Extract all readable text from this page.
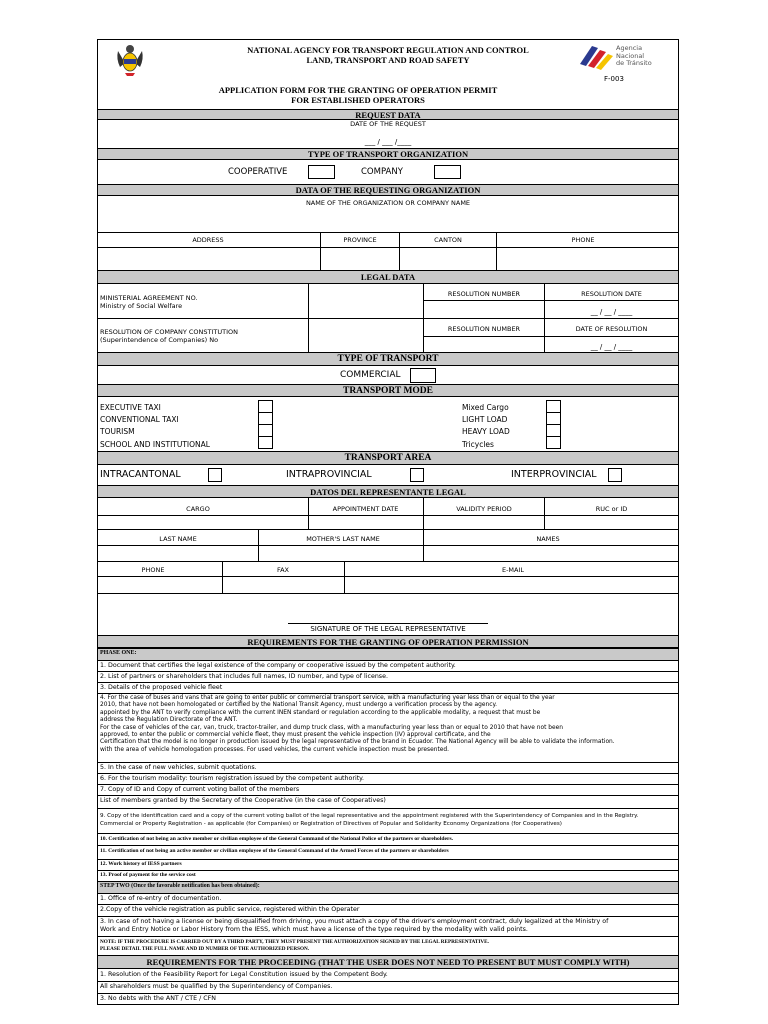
NATIONAL AGENCY FOR TRANSPORT REGULATION AND CONTROL
LAND, TRANSPORT AND ROAD SAFETY
Agencia
Nacional
de Tránsito
F-003
APPLICATION FORM FOR THE GRANTING OF OPERATION PERMIT
FOR ESTABLISHED OPERATORS
REQUEST DATA
DATE OF THE REQUEST
___ / ___ /____
TYPE OF TRANSPORT ORGANIZATION
COOPERATIVE	COMPANY
DATA OF THE REQUESTING ORGANIZATION
NAME OF THE ORGANIZATION OR COMPANY NAME
ADDRESS	PROVINCE	CANTON	PHONE
LEGAL DATA
MINISTERIAL AGREEMENT NO.
Ministry of Social Welfare
RESOLUTION NUMBER	RESOLUTION DATE
__ / __ / ____
RESOLUTION OF COMPANY CONSTITUTION
(Superintendence of Companies) No
RESOLUTION NUMBER	DATE OF RESOLUTION
__ / __ / ____
TYPE OF TRANSPORT
COMMERCIAL
TRANSPORT MODE
EXECUTIVE TAXI
CONVENTIONAL TAXI
TOURISM
SCHOOL AND INSTITUTIONAL
Mixed Cargo
LIGHT LOAD
HEAVY LOAD
Tricycles
TRANSPORT AREA
INTRACANTONAL	INTRAPROVINCIAL	INTERPROVINCIAL
DATOS DEL REPRESENTANTE LEGAL
CARGO	APPOINTMENT DATE	VALIDITY PERIOD	RUC or ID
LAST NAME	MOTHER'S LAST NAME	NAMES
PHONE	FAX	E-MAIL
SIGNATURE OF THE LEGAL REPRESENTATIVE
REQUIREMENTS FOR THE GRANTING OF OPERATION PERMISSION
PHASE ONE:
1. Document that certifies the legal existence of the company or cooperative issued by the competent authority.
2. List of partners or shareholders that includes full names, ID number, and type of license.
3. Details of the proposed vehicle fleet
4. For the case of buses and vans that are going to enter public or commercial transport service, with a manufacturing year less than or equal to the year
2010, that have not been homologated or certified by the National Transit Agency, must undergo a verification process by the agency.
appointed by the ANT to verify compliance with the current INEN standard or regulation according to the applicable modality, a request that must be
address the Regulation Directorate of the ANT.
For the case of vehicles of the car, van, truck, tractor-trailer, and dump truck class, with a manufacturing year less than or equal to 2010 that have not been
approved, to enter the public or commercial vehicle fleet, they must present the vehicle inspection (IV) approval certificate, and the
Certification that the model is no longer in production issued by the legal representative of the brand in Ecuador. The National Agency will be able to validate the information.
with the area of vehicle homologation processes. For used vehicles, the current vehicle inspection must be presented.
5. In the case of new vehicles, submit quotations.
6. For the tourism modality: tourism registration issued by the competent authority.
7. Copy of ID and Copy of current voting ballot of the members
List of members granted by the Secretary of the Cooperative (in the case of Cooperatives)
9. Copy of the identification card and a copy of the current voting ballot of the legal representative and the appointment registered with the Superintendency of Companies and in the Registry.
Commercial or Property Registration - as applicable (for Companies) or Registration of Directives of Popular and Solidarity Economy Organizations (for Cooperatives)
10. Certification of not being an active member or civilian employee of the General Command of the National Police of the partners or shareholders.
11. Certification of not being an active member or civilian employee of the General Command of the Armed Forces of the partners or shareholders
12. Work history of IESS partners
13. Proof of payment for the service cost
STEP TWO (Once the favorable notification has been obtained):
1. Office of re-entry of documentation.
2.Copy of the vehicle registration as public service, registered within the Operater
3. In case of not having a license or being disqualified from driving, you must attach a copy of the driver's employment contract, duly legalized at the Ministry of
Work and Entry Notice or Labor History from the IESS, which must have a license of the type required by the modality with valid points.
NOTE: IF THE PROCEDURE IS CARRIED OUT BY A THIRD PARTY, THEY MUST PRESENT THE AUTHORIZATION SIGNED BY THE LEGAL REPRESENTATIVE.
PLEASE DETAIL THE FULL NAME AND ID NUMBER OF THE AUTHORIZED PERSON.
REQUIREMENTS FOR THE PROCEEDING (THAT THE USER DOES NOT NEED TO PRESENT BUT MUST COMPLY WITH)
1. Resolution of the Feasibility Report for Legal Constitution issued by the Competent Body.
All shareholders must be qualified by the Superintendency of Companies.
3. No debts with the ANT / CTE / CFN
